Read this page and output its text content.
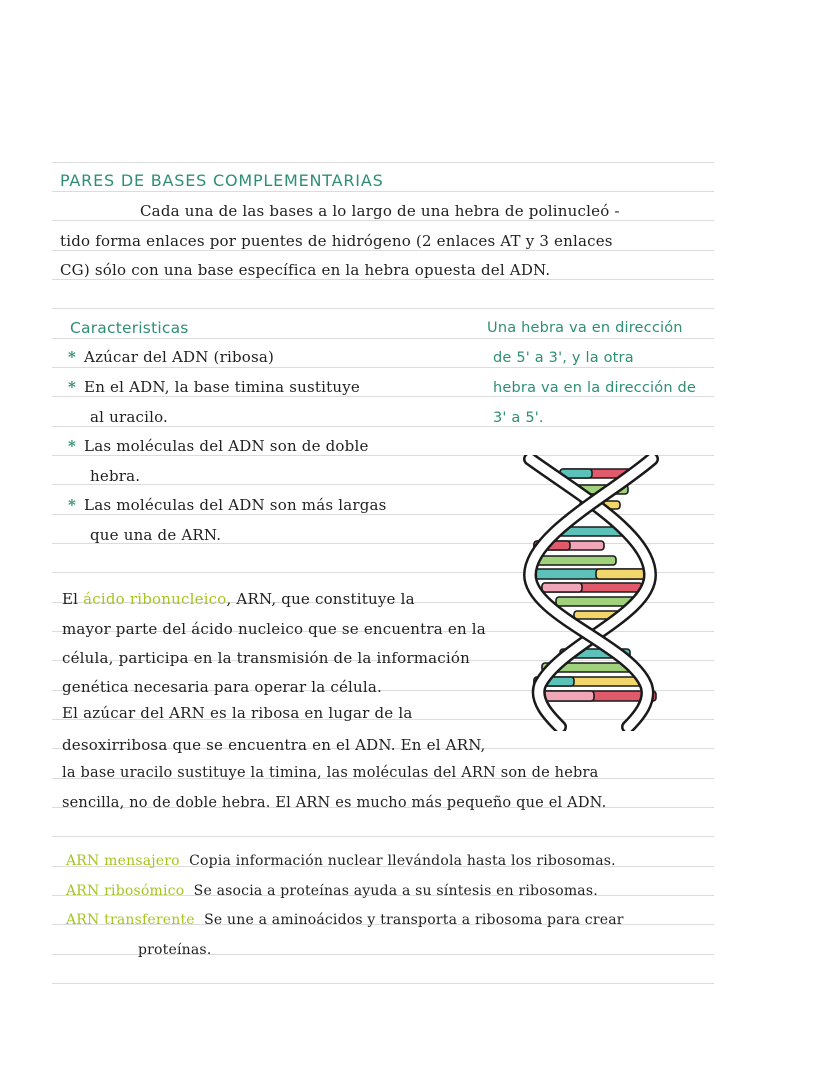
PARES DE BASES COMPLEMENTARIAS
Cada una de las bases a lo largo de una hebra de polinucleó -
tido forma enlaces por puentes de hidrógeno (2 enlaces AT y 3 enlaces
CG) sólo con una base específica en la hebra opuesta del ADN.
Caracteristicas
* Azúcar del ADN (ribosa)
* En el ADN, la base timina sustituye
al uracilo.
* Las moléculas del ADN son de doble
hebra.
* Las moléculas del ADN son más largas
que una de ARN.
Una hebra va en dirección
de 5' a 3', y la otra
hebra va en la dirección de
3' a 5'.
El ácido ribonucleico, ARN, que constituye la
mayor parte del ácido nucleico que se encuentra en la
célula, participa en la transmisión de la información
genética necesaria para operar la célula.
El azúcar del ARN es la ribosa en lugar de la
desoxirribosa que se encuentra en el ADN. En el ARN,
la base uracilo sustituye la timina, las moléculas del ARN son de hebra
sencilla, no de doble hebra. El ARN es mucho más pequeño que el ADN.
ARN mensajero Copia información nuclear llevándola hasta los ribosomas.
ARN ribosómico Se asocia a proteínas ayuda a su síntesis en ribosomas.
ARN transferente Se une a aminoácidos y transporta a ribosoma para crear
proteínas.
